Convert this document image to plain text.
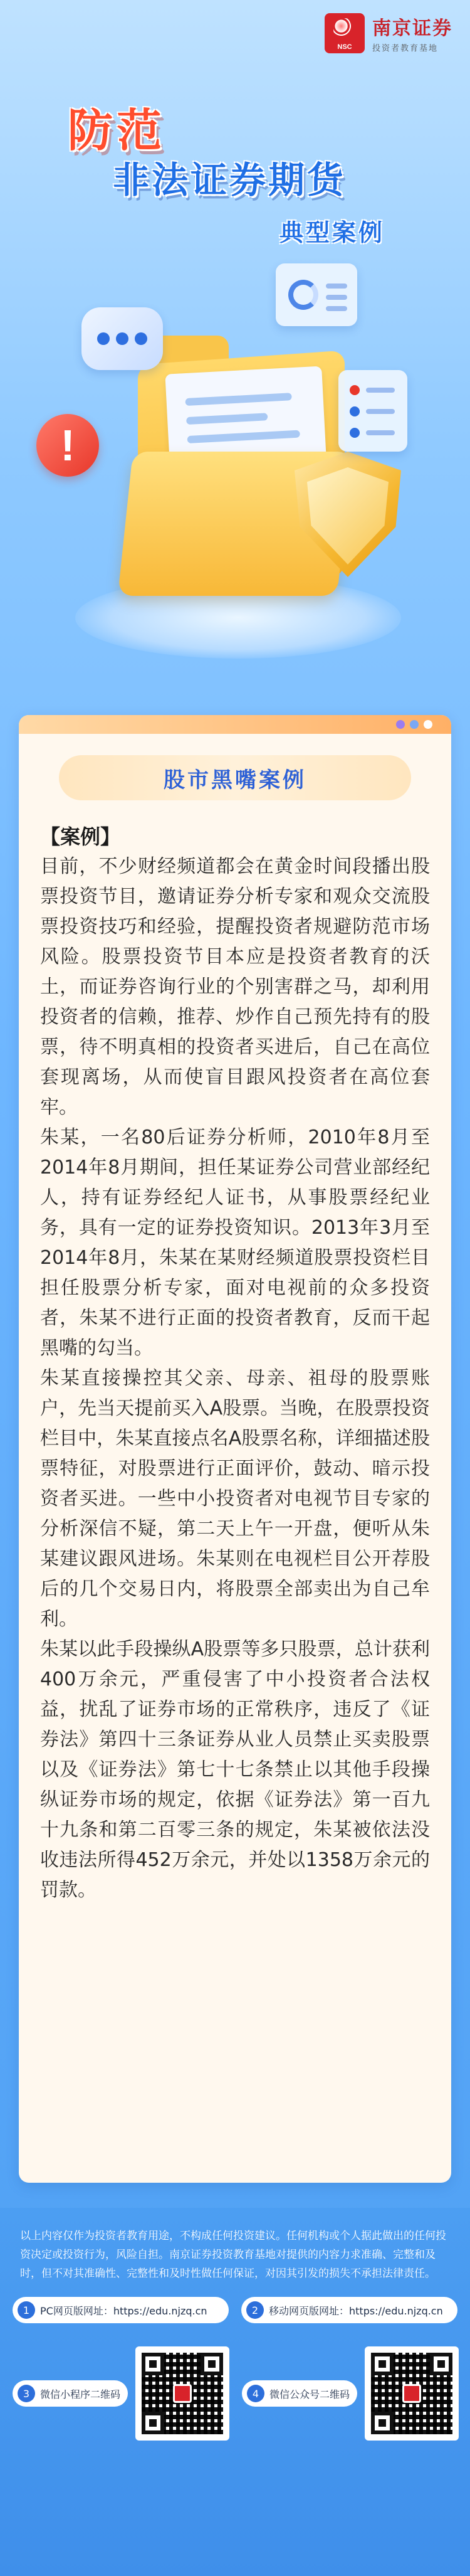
NSC
南京证券
投资者教育基地
防范
非法证券期货
典型案例
!
股市黑嘴案例
【案例】

目前，不少财经频道都会在黄金时间段播出股票投资节目，邀请证券分析专家和观众交流股票投资技巧和经验，提醒投资者规避防范市场风险。股票投资节目本应是投资者教育的沃土，而证券咨询行业的个别害群之马，却利用投资者的信赖，推荐、炒作自己预先持有的股票，待不明真相的投资者买进后，自己在高位套现离场，从而使盲目跟风投资者在高位套牢。

朱某，一名80后证券分析师，2010年8月至2014年8月期间，担任某证券公司营业部经纪人，持有证券经纪人证书，从事股票经纪业务，具有一定的证券投资知识。2013年3月至2014年8月，朱某在某财经频道股票投资栏目担任股票分析专家，面对电视前的众多投资者，朱某不进行正面的投资者教育，反而干起黑嘴的勾当。

朱某直接操控其父亲、母亲、祖母的股票账户，先当天提前买入A股票。当晚，在股票投资栏目中，朱某直接点名A股票名称，详细描述股票特征，对股票进行正面评价，鼓动、暗示投资者买进。一些中小投资者对电视节目专家的分析深信不疑，第二天上午一开盘，便听从朱某建议跟风进场。朱某则在电视栏目公开荐股后的几个交易日内，将股票全部卖出为自己牟利。

朱某以此手段操纵A股票等多只股票，总计获利400万余元，严重侵害了中小投资者合法权益，扰乱了证券市场的正常秩序，违反了《证券法》第四十三条证券从业人员禁止买卖股票以及《证券法》第七十七条禁止以其他手段操纵证券市场的规定，依据《证券法》第一百九十九条和第二百零三条的规定，朱某被依法没收违法所得452万余元，并处以1358万余元的罚款。

以上内容仅作为投资者教育用途，不构成任何投资建议。任何机构或个人据此做出的任何投资决定或投资行为，风险自担。南京证券投资教育基地对提供的内容力求准确、完整和及时，但不对其准确性、完整性和及时性做任何保证，对因其引发的损失不承担法律责任。
1	PC网页版网址：https://edu.njzq.cn	2	移动网页版网址：https://edu.njzq.cn
3	微信小程序二维码	4	微信公众号二维码
